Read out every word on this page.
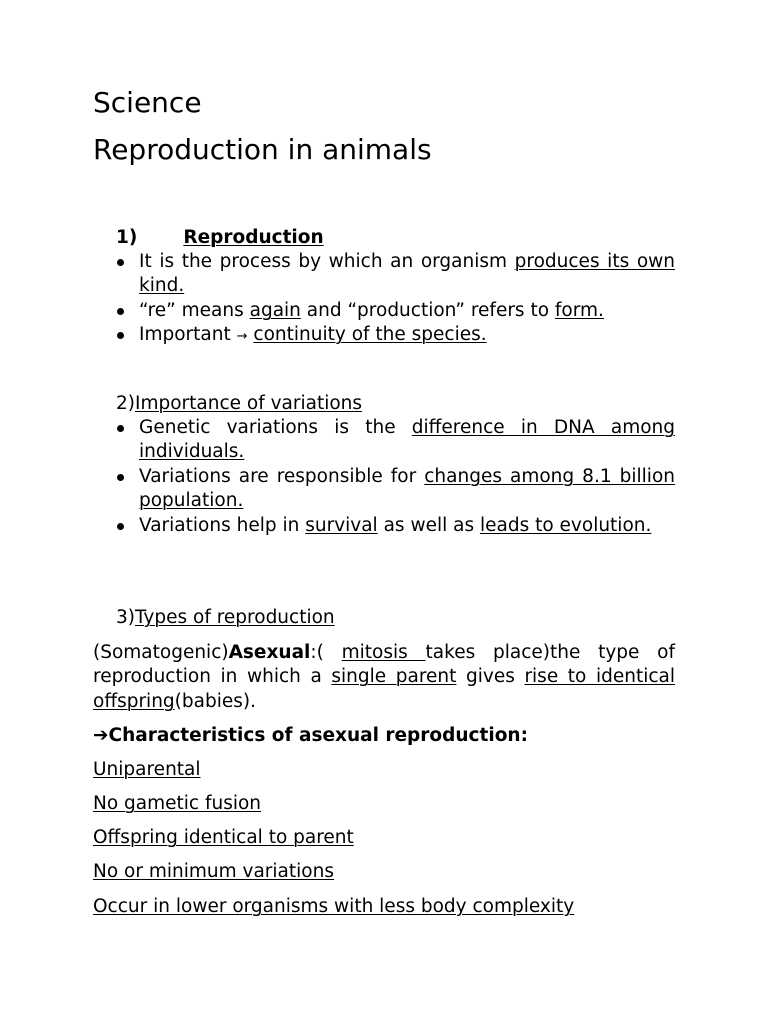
Science
Reproduction in animals
1) Reproduction
It is the process by which an organism produces its own kind.
“re” means again and “production” refers to form.
Important → continuity of the species.
2)Importance of variations
Genetic variations is the difference in DNA among individuals.
Variations are responsible for changes among 8.1 billion population.
Variations help in survival as well as leads to evolution.
3)Types of reproduction

(Somatogenic)Asexual:( mitosis takes place)the type of reproduction in which a single parent gives rise to identical offspring(babies).

➔Characteristics of asexual reproduction:
Uniparental
No gametic fusion
Offspring identical to parent
No or minimum variations
Occur in lower organisms with less body complexity
